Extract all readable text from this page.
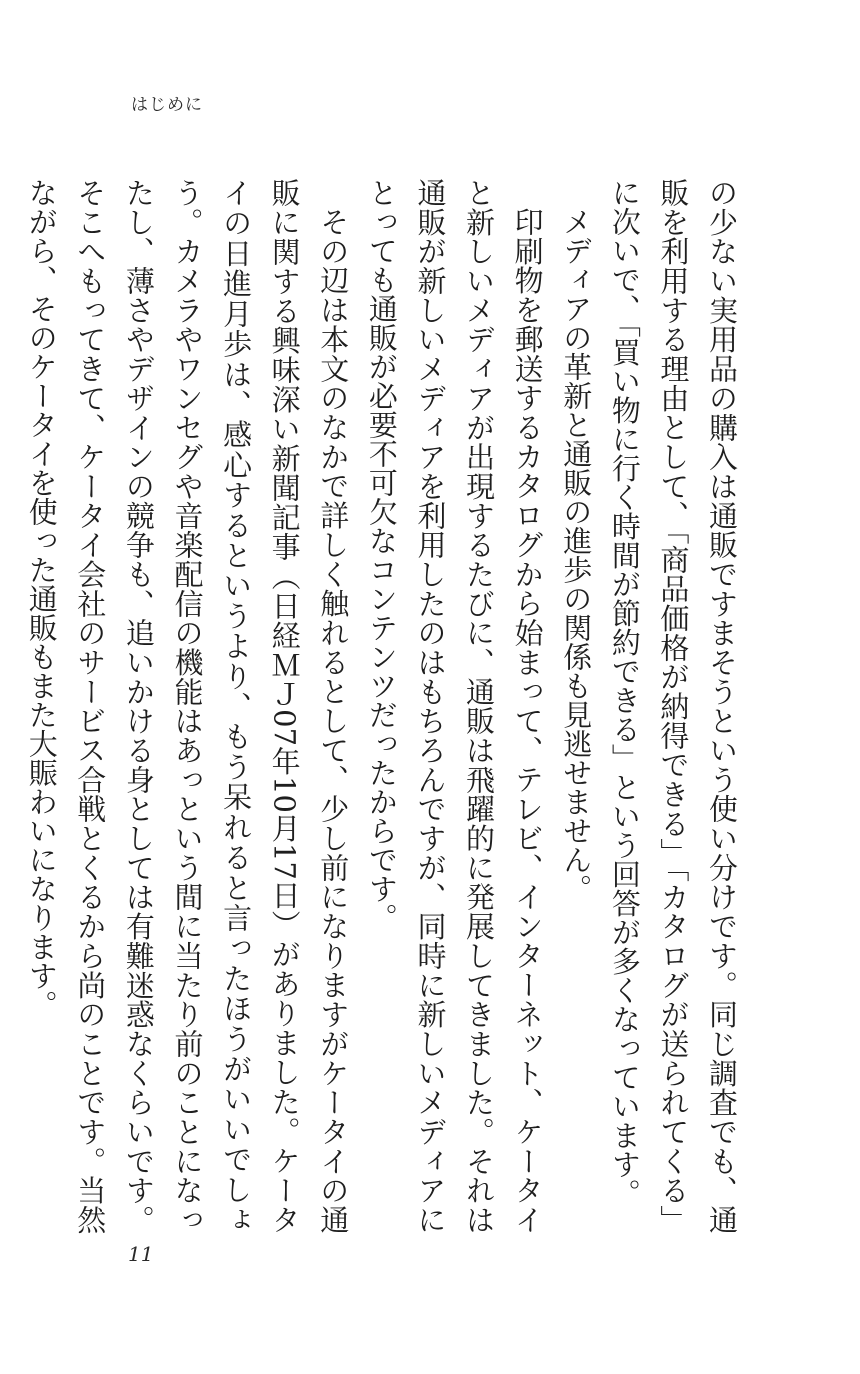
はじめに

の少ない実用品の購入は通販ですまそうという使い分けです。同じ調査でも、通販を利用する理由として、「商品価格が納得できる」「カタログが送られてくる」に次いで、「買い物に行く時間が節約できる」という回答が多くなっています。

メディアの革新と通販の進歩の関係も見逃せません。

印刷物を郵送するカタログから始まって、テレビ、インターネット、ケータイと新しいメディアが出現するたびに、通販は飛躍的に発展してきました。それは通販が新しいメディアを利用したのはもちろんですが、同時に新しいメディアにとっても通販が必要不可欠なコンテンツだったからです。

その辺は本文のなかで詳しく触れるとして、少し前になりますがケータイの通販に関する興味深い新聞記事（日経ＭＪ07年10月17日）がありました。ケータイの日進月歩は、感心するというより、もう呆れると言ったほうがいいでしょう。カメラやワンセグや音楽配信の機能はあっという間に当たり前のことになったし、薄さやデザインの競争も、追いかける身としては有難迷惑なくらいです。そこへもってきて、ケータイ会社のサービス合戦とくるから尚のことです。当然ながら、そのケータイを使った通販もまた大賑わいになります。

11
